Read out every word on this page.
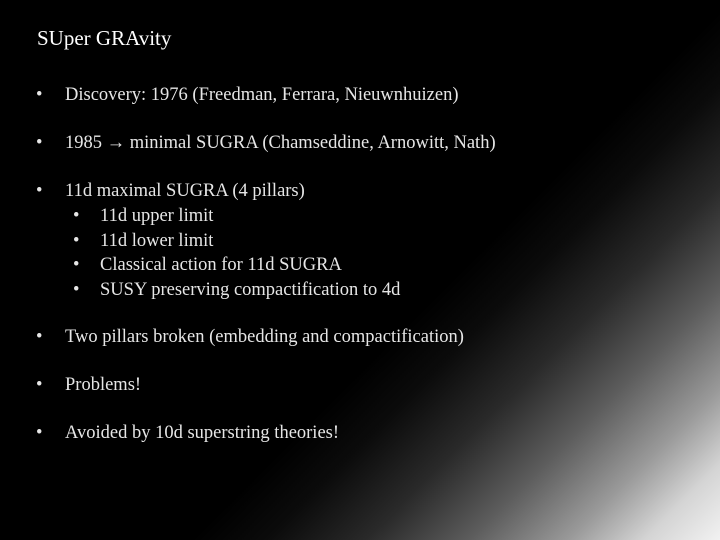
SUper GRAvity
•	Discovery: 1976 (Freedman, Ferrara, Nieuwnhuizen)
•	1985 → minimal SUGRA (Chamseddine, Arnowitt, Nath)
•	11d maximal SUGRA (4 pillars)
•	11d upper limit
•	11d lower limit
•	Classical action for 11d SUGRA
•	SUSY preserving compactification to 4d
•	Two pillars broken (embedding and compactification)
•	Problems!
•	Avoided by 10d superstring theories!
